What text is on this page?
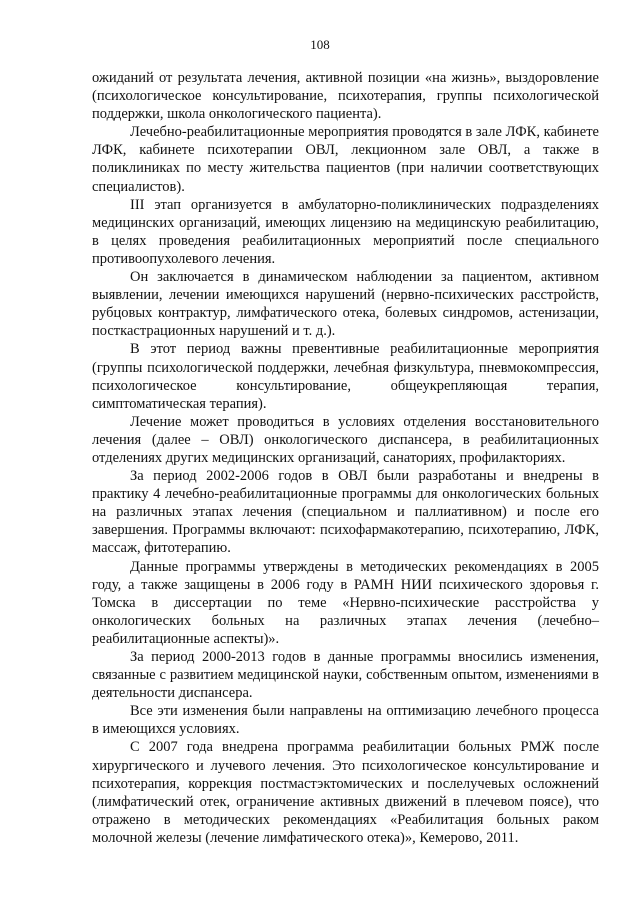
108

ожиданий от результата лечения, активной позиции «на жизнь», выздоровление (психологическое консультирование, психотерапия, группы психологической поддержки, школа онкологического пациента).

Лечебно-реабилитационные мероприятия проводятся в зале ЛФК, кабинете ЛФК, кабинете психотерапии ОВЛ, лекционном зале ОВЛ, а также в поликлиниках по месту жительства пациентов (при наличии соответствующих специалистов).

III этап организуется в амбулаторно-поликлинических подразделениях медицинских организаций, имеющих лицензию на медицинскую реабилитацию, в целях проведения реабилитационных мероприятий после специального противоопухолевого лечения.

Он заключается в динамическом наблюдении за пациентом, активном выявлении, лечении имеющихся нарушений (нервно-психических расстройств, рубцовых контрактур, лимфатического отека, болевых синдромов, астенизации, посткастрационных нарушений и т. д.).

В этот период важны превентивные реабилитационные мероприятия (группы психологической поддержки, лечебная физкультура, пневмокомпрессия, психологическое консультирование, общеукрепляющая терапия, симптоматическая терапия).

Лечение может проводиться в условиях отделения восстановительного лечения (далее – ОВЛ) онкологического диспансера, в реабилитационных отделениях других медицинских организаций, санаториях, профилакториях.

За период 2002-2006 годов в ОВЛ были разработаны и внедрены в практику 4 лечебно-реабилитационные программы для онкологических больных на различных этапах лечения (специальном и паллиативном) и после его завершения. Программы включают: психофармакотерапию, психотерапию, ЛФК, массаж, фитотерапию.

Данные программы утверждены в методических рекомендациях в 2005 году, а также защищены в 2006 году в РАМН НИИ психического здоровья г. Томска в диссертации по теме «Нервно-психические расстройства у онкологических больных на различных этапах лечения (лечебно–реабилитационные аспекты)».

За период 2000-2013 годов в данные программы вносились изменения, связанные с развитием медицинской науки, собственным опытом, изменениями в деятельности диспансера.

Все эти изменения были направлены на оптимизацию лечебного процесса в имеющихся условиях.

С 2007 года внедрена программа реабилитации больных РМЖ после хирургического и лучевого лечения. Это психологическое консультирование и психотерапия, коррекция постмастэктомических и послелучевых осложнений (лимфатический отек, ограничение активных движений в плечевом поясе), что отражено в методических рекомендациях «Реабилитация больных раком молочной железы (лечение лимфатического отека)», Кемерово, 2011.
